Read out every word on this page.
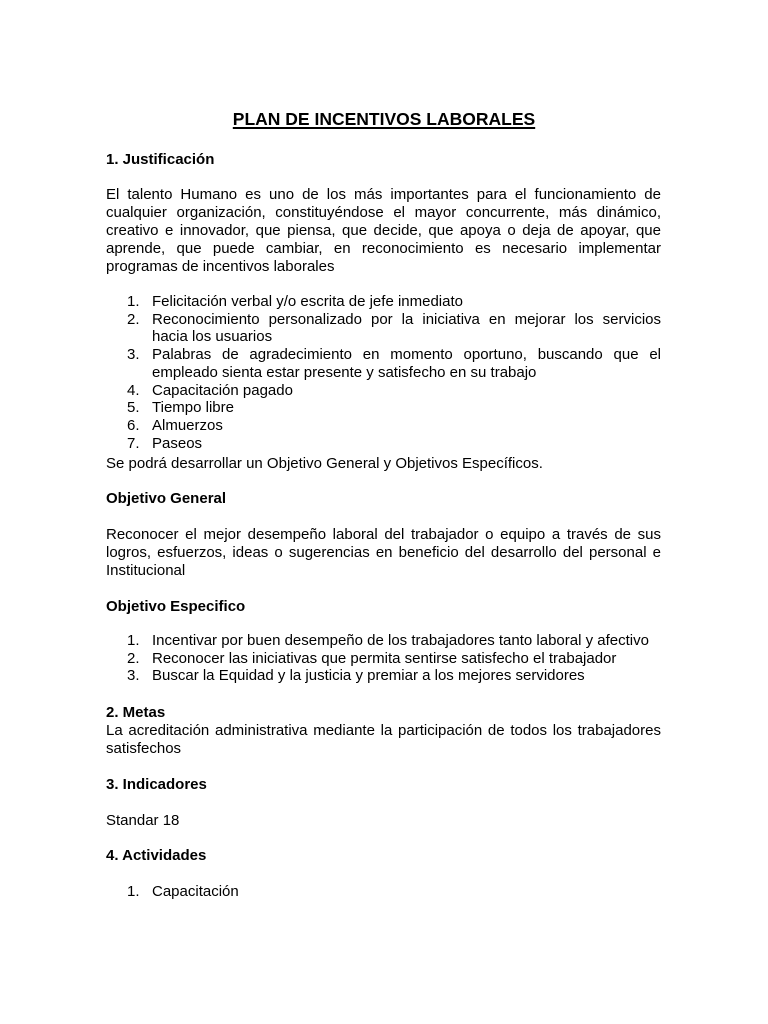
PLAN DE INCENTIVOS LABORALES
1. Justificación
El talento Humano es uno de los más importantes para el funcionamiento de cualquier organización, constituyéndose el mayor concurrente, más dinámico, creativo e innovador, que piensa, que decide, que apoya o deja de apoyar, que aprende, que puede cambiar, en reconocimiento es necesario implementar programas de incentivos laborales
1. Felicitación verbal y/o escrita de jefe inmediato
2. Reconocimiento personalizado por la iniciativa en mejorar los servicios hacia los usuarios
3. Palabras de agradecimiento en momento oportuno, buscando que el empleado sienta estar presente y satisfecho en su trabajo
4. Capacitación pagado
5. Tiempo libre
6. Almuerzos
7. Paseos
Se podrá desarrollar un Objetivo General y Objetivos Específicos.
Objetivo General
Reconocer el mejor desempeño laboral del trabajador o equipo a través de sus logros, esfuerzos, ideas o sugerencias en beneficio del desarrollo del personal e Institucional
Objetivo Especifico
1. Incentivar por buen desempeño de los trabajadores tanto laboral y afectivo
2. Reconocer las iniciativas que permita sentirse satisfecho el trabajador
3. Buscar la Equidad y la justicia y premiar a los mejores servidores
2. Metas
La acreditación administrativa mediante la participación de todos los trabajadores satisfechos
3. Indicadores
Standar 18
4. Actividades
1. Capacitación
